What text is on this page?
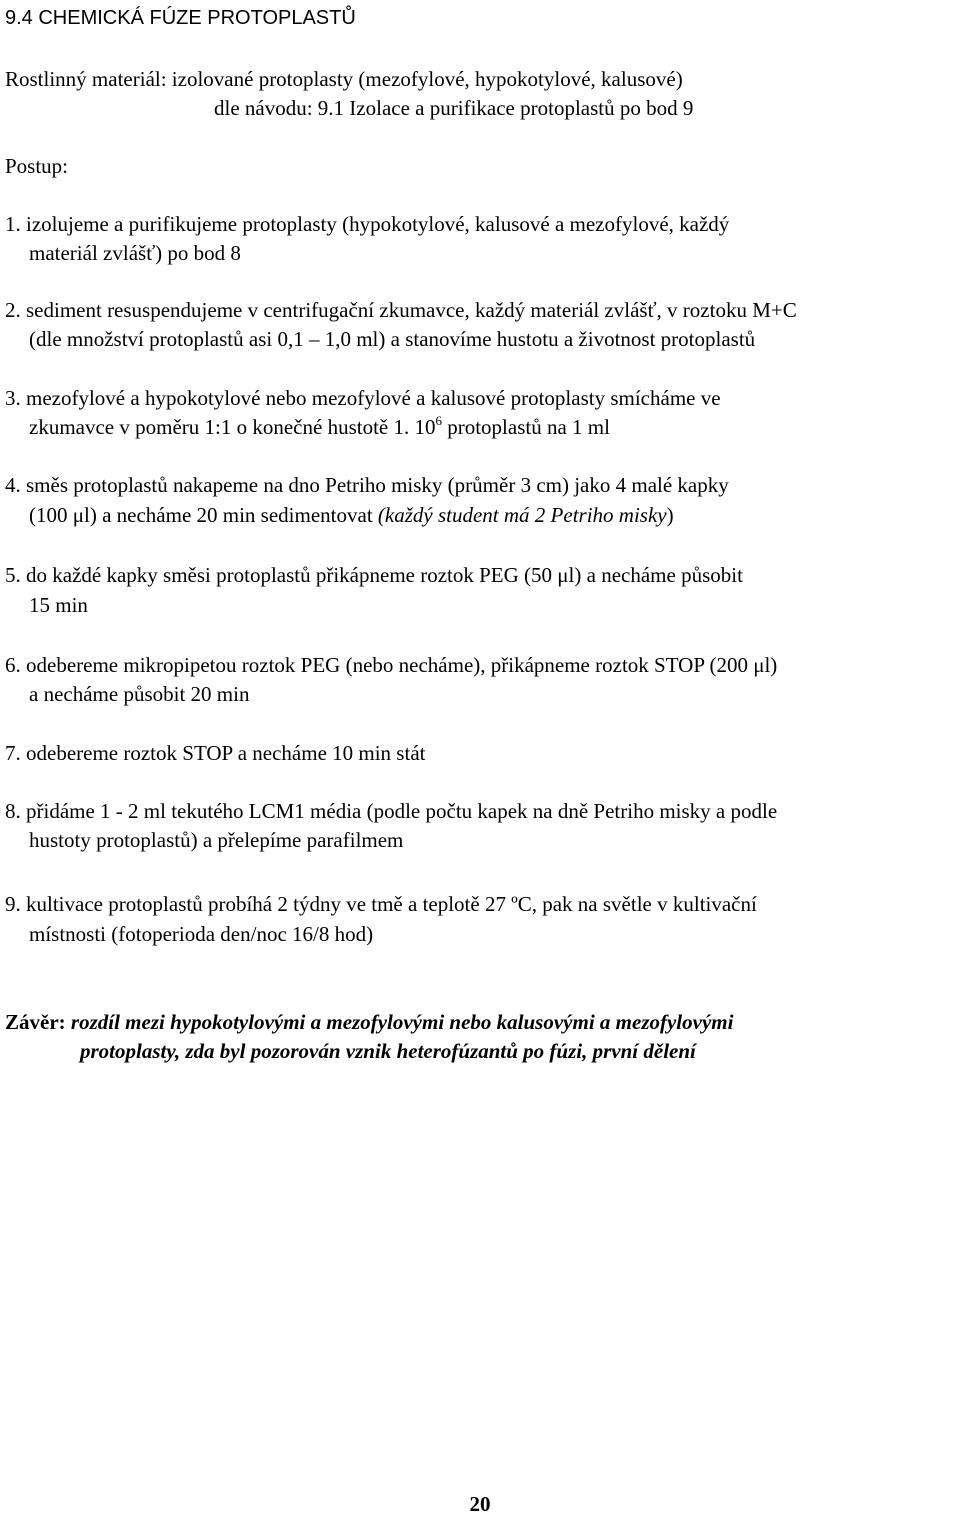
9.4 CHEMICKÁ FÚZE PROTOPLASTŮ
Rostlinný materiál: izolované protoplasty (mezofylové, hypokotylové, kalusové)
dle návodu: 9.1 Izolace a purifikace protoplastů po bod 9
Postup:
1. izolujeme a purifikujeme protoplasty (hypokotylové, kalusové a mezofylové, každý
materiál zvlášť) po bod 8
2. sediment resuspendujeme v centrifugační zkumavce, každý materiál zvlášť, v roztoku M+C
(dle množství protoplastů asi 0,1 – 1,0 ml) a stanovíme hustotu a životnost protoplastů
3. mezofylové a hypokotylové nebo mezofylové a kalusové protoplasty smícháme ve
zkumavce v poměru 1:1 o konečné hustotě 1. $10^6$ protoplastů na 1 ml
4. směs protoplastů nakapeme na dno Petriho misky (průměr 3 cm) jako 4 malé kapky
(100 μl) a necháme 20 min sedimentovat (každý student má 2 Petriho misky)
5. do každé kapky směsi protoplastů přikápneme roztok PEG (50 μl) a necháme působit
15 min
6. odebereme mikropipetou roztok PEG (nebo necháme), přikápneme roztok STOP (200 μl)
a necháme působit 20 min
7. odebereme roztok STOP a necháme 10 min stát
8. přidáme 1 - 2 ml tekutého LCM1 média (podle počtu kapek na dně Petriho misky a podle
hustoty protoplastů) a přelepíme parafilmem
9. kultivace protoplastů probíhá 2 týdny ve tmě a teplotě 27 ºC, pak na světle v kultivační
místnosti (fotoperioda den/noc 16/8 hod)
Závěr: rozdíl mezi hypokotylovými a mezofylovými nebo kalusovými a mezofylovými
protoplasty, zda byl pozorován vznik heterofúzantů po fúzi, první dělení
20
